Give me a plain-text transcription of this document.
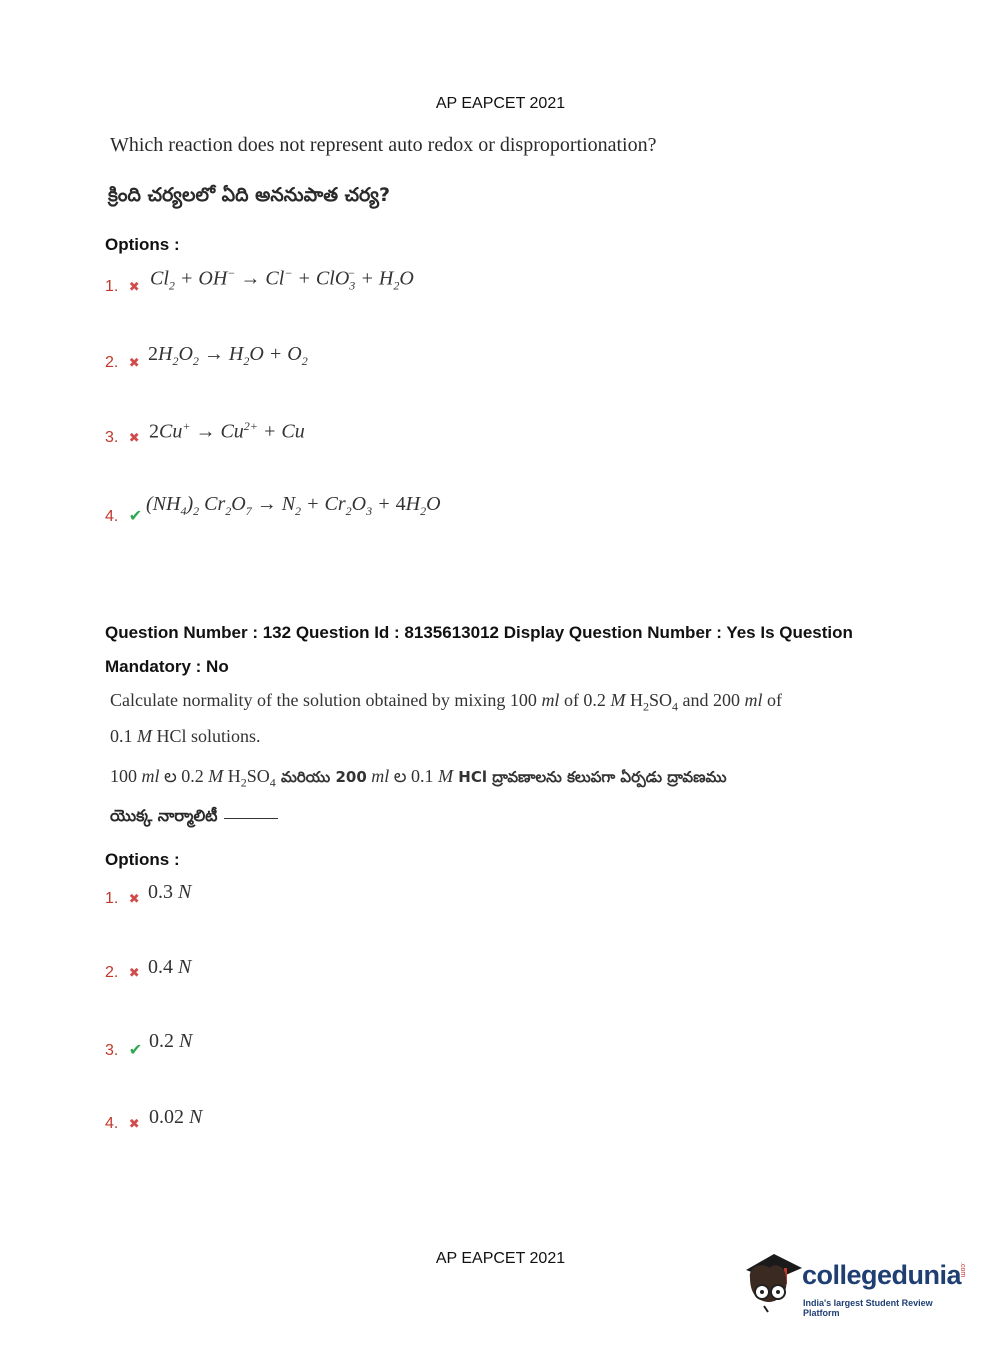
AP EAPCET 2021
Which reaction does not represent auto redox or disproportionation?
క్రింది చర్యలలో ఏది అననుపాత చర్య?
Options :
1. ✖ $Cl_2 + OH^- \to Cl^- + ClO_3^- + H_2O$
2. ✖ $2H_2O_2 \to H_2O + O_2$
3. ✖ $2Cu^+ \to Cu^{2+} + Cu$
4. ✔
$(NH_4)_2$ $Cr_2O_7 \to N_2 + Cr_2O_3 + 4H_2O$
Question Number : 132 Question Id : 8135613012 Display Question Number : Yes Is Question
Mandatory : No
Calculate normality of the solution obtained by mixing 100 ml of 0.2 M $H_2SO_4$ and 200 ml of
0.1 M HCl solutions.
100 ml ల 0.2 M $H_2SO_4$ మరియు 200 ml ల 0.1 M HCl ద్రావణాలను కలుపగా ఏర్పడు ద్రావణము
యొక్క నార్మాలిటీ
Options :
1. ✖ 0.3 N
2. ✖ 0.4 N
3. ✔ 0.2 N
4. ✖ 0.02 N
AP EAPCET 2021
collegedunia
.com
India's largest Student Review Platform
